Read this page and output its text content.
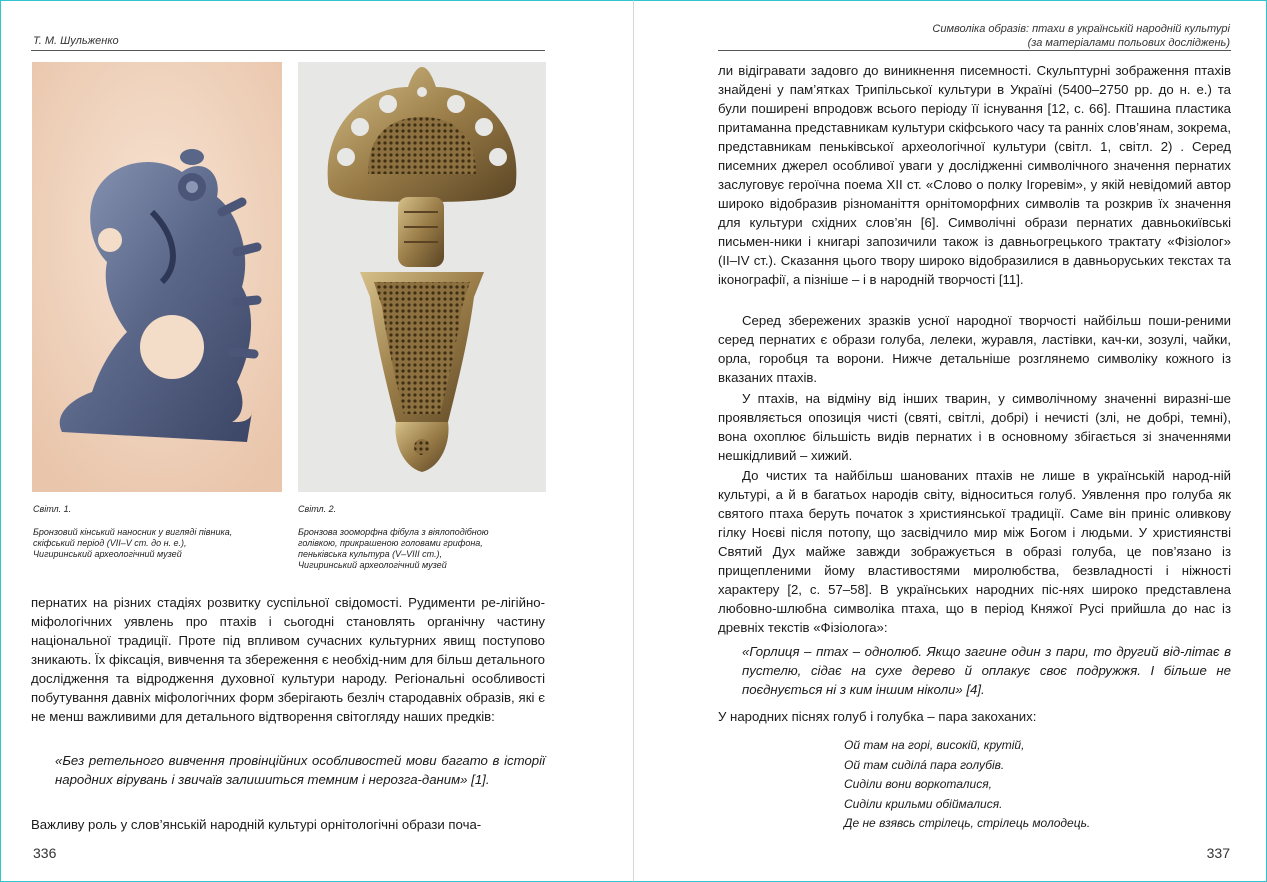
Т. М. Шульженко
Світл. 1.
Бронзовий кінський наносник у вигляді півника,
скіфський період (VII–V ст. до н. е.),
Чигиринський археологічний музей
Світл. 2.
Бронзова зооморфна фібула з віялоподібною
голівкою, прикрашеною головами грифона,
пеньківська культура (V–VIII ст.),
Чигиринський археологічний музей
пернатих на різних стадіях розвитку суспільної свідомості. Рудименти ре-лігійно-міфологічних уявлень про птахів і сьогодні становлять органічну частину національної традиції. Проте під впливом сучасних культурних явищ поступово зникають. Їх фіксація, вивчення та збереження є необхід-ним для більш детального дослідження та відродження духовної культури народу. Регіональні особливості побутування давніх міфологічних форм зберігають безліч стародавніх образів, які є не менш важливими для детального відтворення світогляду наших предків:
«Без ретельного вивчення провінційних особливостей мови багато в історії народних вірувань і звичаїв залишиться темним і нерозга-даним» [1].
Важливу роль у слов’янській народній культурі орнітологічні образи поча-
336
Символіка образів: птахи в українській народній культурі
(за матеріалами польових досліджень)
ли відігравати задовго до виникнення писемності. Скульптурні зображення птахів знайдені у пам’ятках Трипільської культури в Україні (5400–2750 рр. до н. е.) та були поширені впродовж всього періоду її існування [12, с. 66]. Пташина пластика притаманна представникам культури скіфського часу та ранніх слов’янам, зокрема, представникам пеньківської археологічної культури (світл. 1, світл. 2) . Серед писемних джерел особливої уваги у дослідженні символічного значення пернатих заслуговує героїчна поема XII ст. «Слово о полку Ігоревім», у якій невідомий автор широко відобразив різноманіття орнітоморфних символів та розкрив їх значення для культури східних слов’ян [6]. Символічні образи пернатих давньокиївські письмен-ники і книгарі запозичили також із давньогрецького трактату «Фізіолог» (II–IV ст.). Сказання цього твору широко відобразилися в давньоруських текстах та іконографії, а пізніше – і в народній творчості [11].
Серед збережених зразків усної народної творчості найбільш поши-реними серед пернатих є образи голуба, лелеки, журавля, ластівки, кач-ки, зозулі, чайки, орла, горобця та ворони. Нижче детальніше розглянемо символіку кожного із вказаних птахів.
У птахів, на відміну від інших тварин, у символічному значенні виразні-ше проявляється опозиція чисті (святі, світлі, добрі) і нечисті (злі, не добрі, темні), вона охоплює більшість видів пернатих і в основному збігається зі значеннями нешкідливий – хижий.
До чистих та найбільш шанованих птахів не лише в українській народ-ній культурі, а й в багатьох народів світу, відноситься голуб. Уявлення про голуба як святого птаха беруть початок з християнської традиції. Саме він приніс оливкову гілку Ноєві після потопу, що засвідчило мир між Богом і людьми. У християнстві Святий Дух майже завжди зображується в образі голуба, це пов’язано із прищепленими йому властивостями миролюбства, безвладності і ніжності характеру [2, с. 57–58]. В українських народних піс-нях широко представлена любовно-шлюбна символіка птаха, що в період Княжої Русі прийшла до нас із древніх текстів «Фізіолога»:
«Горлиця – птах – однолюб. Якщо загине один з пари, то другий від-літає в пустелю, сідає на сухе дерево й оплакує своє подружжя. І більше не поєднується ні з ким іншим ніколи» [4].
У народних піснях голуб і голубка – пара закоханих:
Ой там на горі, високій, крутій,
Ой там сиділá пара голубів.
Сиділи вони воркоталися,
Сиділи крильми обіймалися.
Де не взявсь стрілець, стрілець молодець.
337
